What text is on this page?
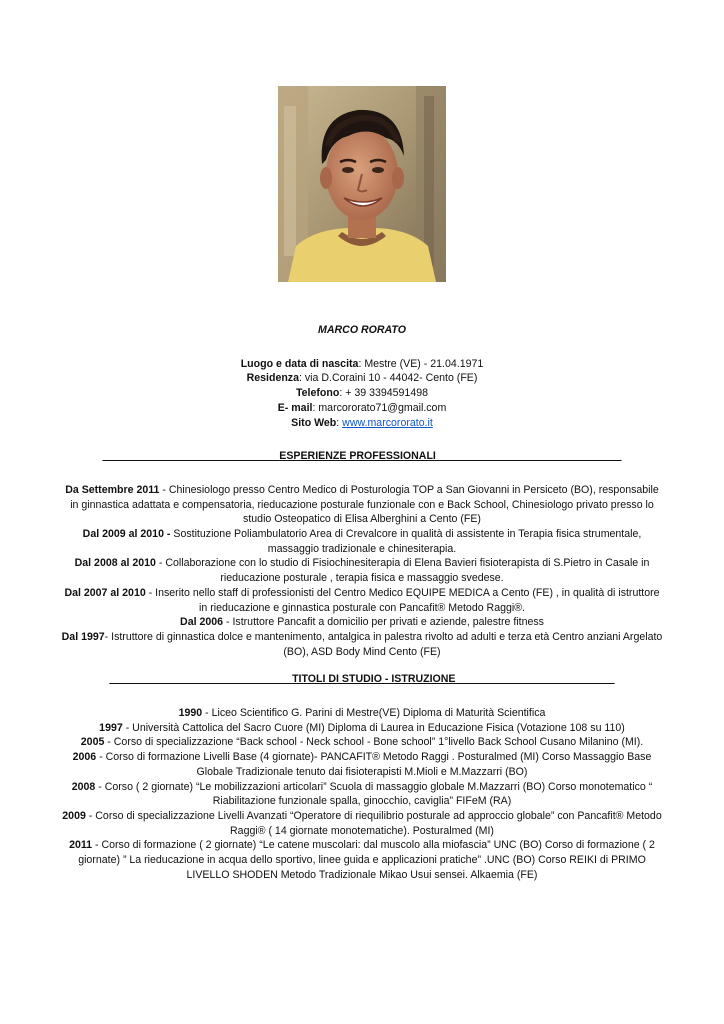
MARCO RORATO

Luogo e data di nascita: Mestre (VE) - 21.04.1971

Residenza: via D.Coraini 10 - 44042- Cento (FE)

Telefono: + 39 3394591498

E- mail: marcororato71@gmail.com

Sito Web: www.marcororato.it

______________________________ESPERIENZE PROFESSIONALI_____________________________ __

Da Settembre 2011 - Chinesiologo presso Centro Medico di Posturologia TOP a San Giovanni in Persiceto (BO), responsabile in ginnastica adattata e compensatoria, rieducazione posturale funzionale con e Back School, Chinesiologo privato presso lo studio Osteopatico di Elisa Alberghini a Cento (FE)

Dal 2009 al 2010 - Sostituzione Poliambulatorio Area di Crevalcore in qualità di assistente in Terapia fisica strumentale, massaggio tradizionale e chinesiterapia.

Dal 2008 al 2010 - Collaborazione con lo studio di Fisiochinesiterapia di Elena Bavieri fisioterapista di S.Pietro in Casale in rieducazione posturale , terapia fisica e massaggio svedese.

Dal 2007 al 2010 - Inserito nello staff di professionisti del Centro Medico EQUIPE MEDICA a Cento (FE) , in qualità di istruttore in rieducazione e ginnastica posturale con Pancafit® Metodo Raggi®.

Dal 2006 - Istruttore Pancafit a domicilio per privati e aziende, palestre fitness

Dal 1997- Istruttore di ginnastica dolce e mantenimento, antalgica in palestra rivolto ad adulti e terza età Centro anziani Argelato (BO), ASD Body Mind Cento (FE)

_______________________________TITOLI DI STUDIO - ISTRUZIONE___________________________

1990 - Liceo Scientifico G. Parini di Mestre(VE) Diploma di Maturità Scientifica

1997 - Università Cattolica del Sacro Cuore (MI) Diploma di Laurea in Educazione Fisica (Votazione 108 su 110)

2005 - Corso di specializzazione “Back school - Neck school - Bone school” 1°livello Back School Cusano Milanino (MI).

2006 - Corso di formazione Livelli Base (4 giornate)- PANCAFIT® Metodo Raggi . Posturalmed (MI) Corso Massaggio Base Globale Tradizionale tenuto dai fisioterapisti M.Mioli e M.Mazzarri (BO)

2008 - Corso ( 2 giornate) “Le mobilizzazioni articolari” Scuola di massaggio globale M.Mazzarri (BO) Corso monotematico “ Riabilitazione funzionale spalla, ginocchio, caviglia” FIFeM (RA)

2009 - Corso di specializzazione Livelli Avanzati “Operatore di riequilibrio posturale ad approccio globale” con Pancafit® Metodo Raggi® ( 14 giornate monotematiche). Posturalmed (MI)

2011 - Corso di formazione ( 2 giornate) “Le catene muscolari: dal muscolo alla miofascia” UNC (BO) Corso di formazione ( 2 giornate) ” La rieducazione in acqua dello sportivo, linee guida e applicazioni pratiche” .UNC (BO) Corso REIKI di PRIMO LIVELLO SHODEN Metodo Tradizionale Mikao Usui sensei. Alkaemia (FE)
